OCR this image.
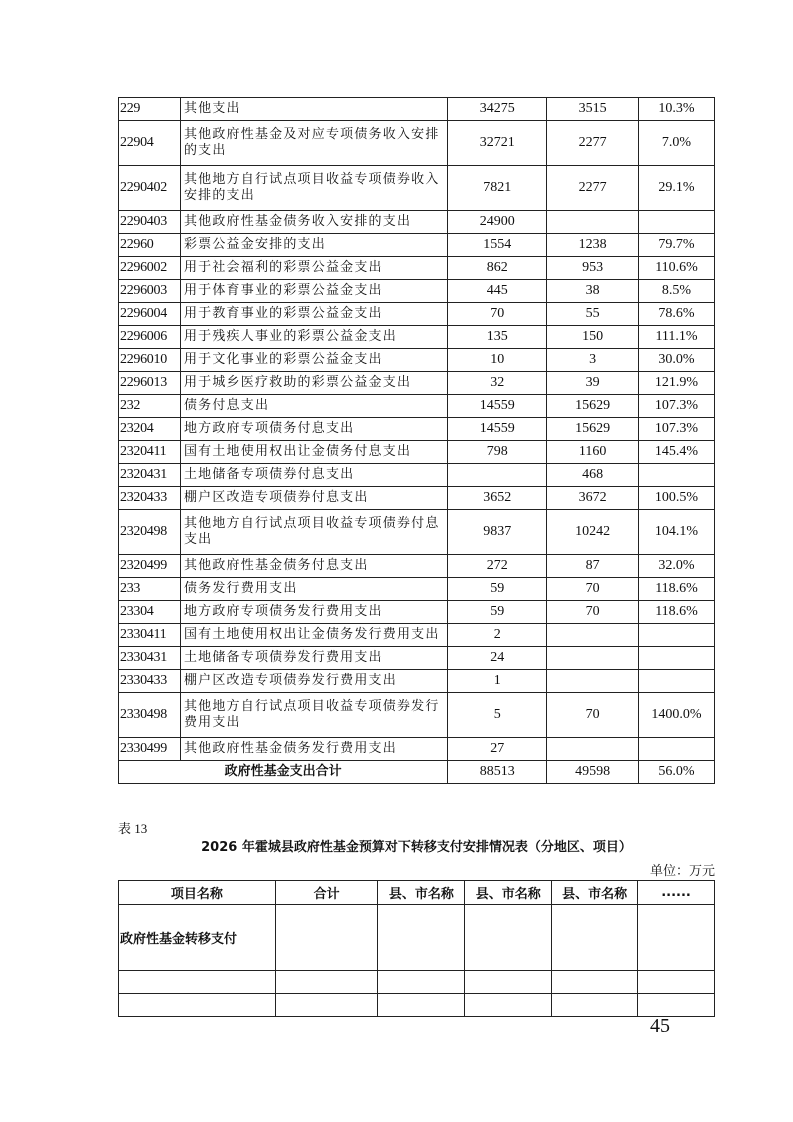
229	其他支出	34275	3515	10.3%
22904	其他政府性基金及对应专项债务收入安排的支出	32721	2277	7.0%
2290402	其他地方自行试点项目收益专项债券收入安排的支出	7821	2277	29.1%
2290403	其他政府性基金债务收入安排的支出	24900		
22960	彩票公益金安排的支出	1554	1238	79.7%
2296002	用于社会福利的彩票公益金支出	862	953	110.6%
2296003	用于体育事业的彩票公益金支出	445	38	8.5%
2296004	用于教育事业的彩票公益金支出	70	55	78.6%
2296006	用于残疾人事业的彩票公益金支出	135	150	111.1%
2296010	用于文化事业的彩票公益金支出	10	3	30.0%
2296013	用于城乡医疗救助的彩票公益金支出	32	39	121.9%
232	债务付息支出	14559	15629	107.3%
23204	地方政府专项债务付息支出	14559	15629	107.3%
2320411	国有土地使用权出让金债务付息支出	798	1160	145.4%
2320431	土地储备专项债券付息支出		468	
2320433	棚户区改造专项债券付息支出	3652	3672	100.5%
2320498	其他地方自行试点项目收益专项债券付息支出	9837	10242	104.1%
2320499	其他政府性基金债务付息支出	272	87	32.0%
233	债务发行费用支出	59	70	118.6%
23304	地方政府专项债务发行费用支出	59	70	118.6%
2330411	国有土地使用权出让金债务发行费用支出	2		
2330431	土地储备专项债券发行费用支出	24		
2330433	棚户区改造专项债券发行费用支出	1		
2330498	其他地方自行试点项目收益专项债券发行费用支出	5	70	1400.0%
2330499	其他政府性基金债务发行费用支出	27		
政府性基金支出合计		88513	49598	56.0%
表 13
2026 年霍城县政府性基金预算对下转移支付安排情况表（分地区、项目）
单位：万元
项目名称	合计	县、市名称	县、市名称	县、市名称	......
政府性基金转移支付					

45
